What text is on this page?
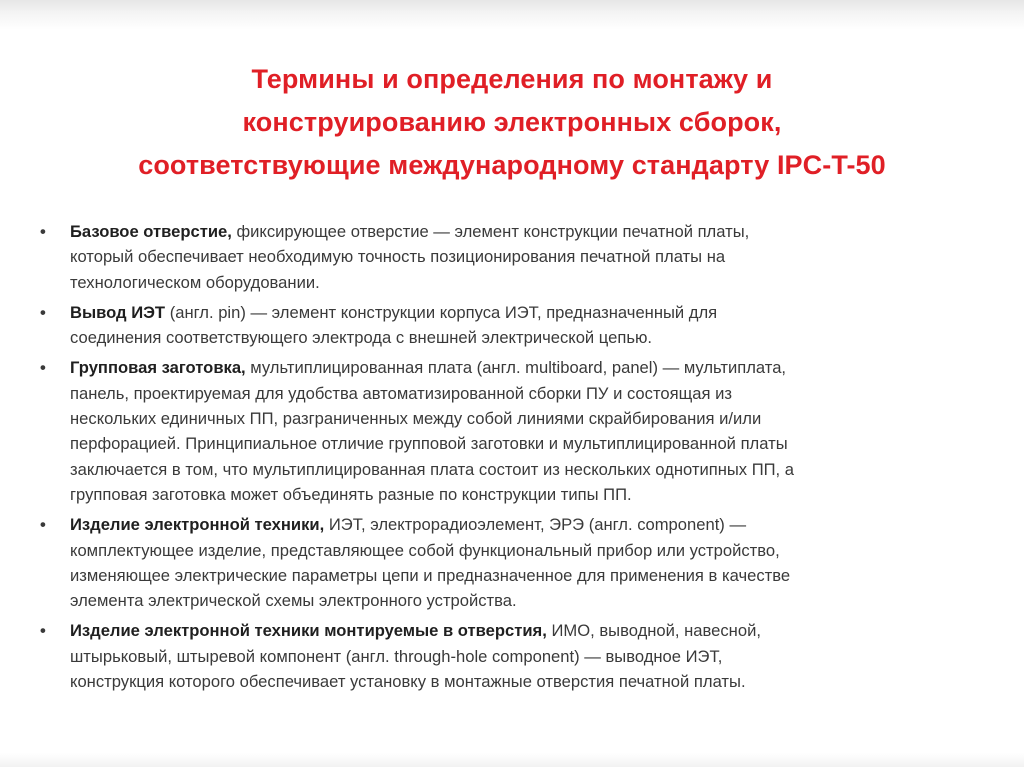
Термины и определения по монтажу и
конструированию электронных сборок,
соответствующие международному стандарту IPC-T-50
•	Базовое отверстие, фиксирующее отверстие — элемент конструкции печатной платы,
который обеспечивает необходимую точность позиционирования печатной платы на
технологическом оборудовании.
•	Вывод ИЭТ (англ. pin) — элемент конструкции корпуса ИЭТ, предназначенный для
соединения соответствующего электрода с внешней электрической цепью.
•	Групповая заготовка, мультиплицированная плата (англ. multiboard, panel) — мультиплата,
панель, проектируемая для удобства автоматизированной сборки ПУ и состоящая из
нескольких единичных ПП, разграниченных между собой линиями скрайбирования и/или
перфорацией. Принципиальное отличие групповой заготовки и мультиплицированной платы
заключается в том, что мультиплицированная плата состоит из нескольких однотипных ПП, а
групповая заготовка может объединять разные по конструкции типы ПП.
•	Изделие электронной техники, ИЭТ, электрорадиоэлемент, ЭРЭ (англ. component) —
комплектующее изделие, представляющее собой функциональный прибор или устройство,
изменяющее электрические параметры цепи и предназначенное для применения в качестве
элемента электрической схемы электронного устройства.
•	Изделие электронной техники монтируемые в отверстия, ИМО, выводной, навесной,
штырьковый, штыревой компонент (англ. through-hole component) — выводное ИЭТ,
конструкция которого обеспечивает установку в монтажные отверстия печатной платы.
